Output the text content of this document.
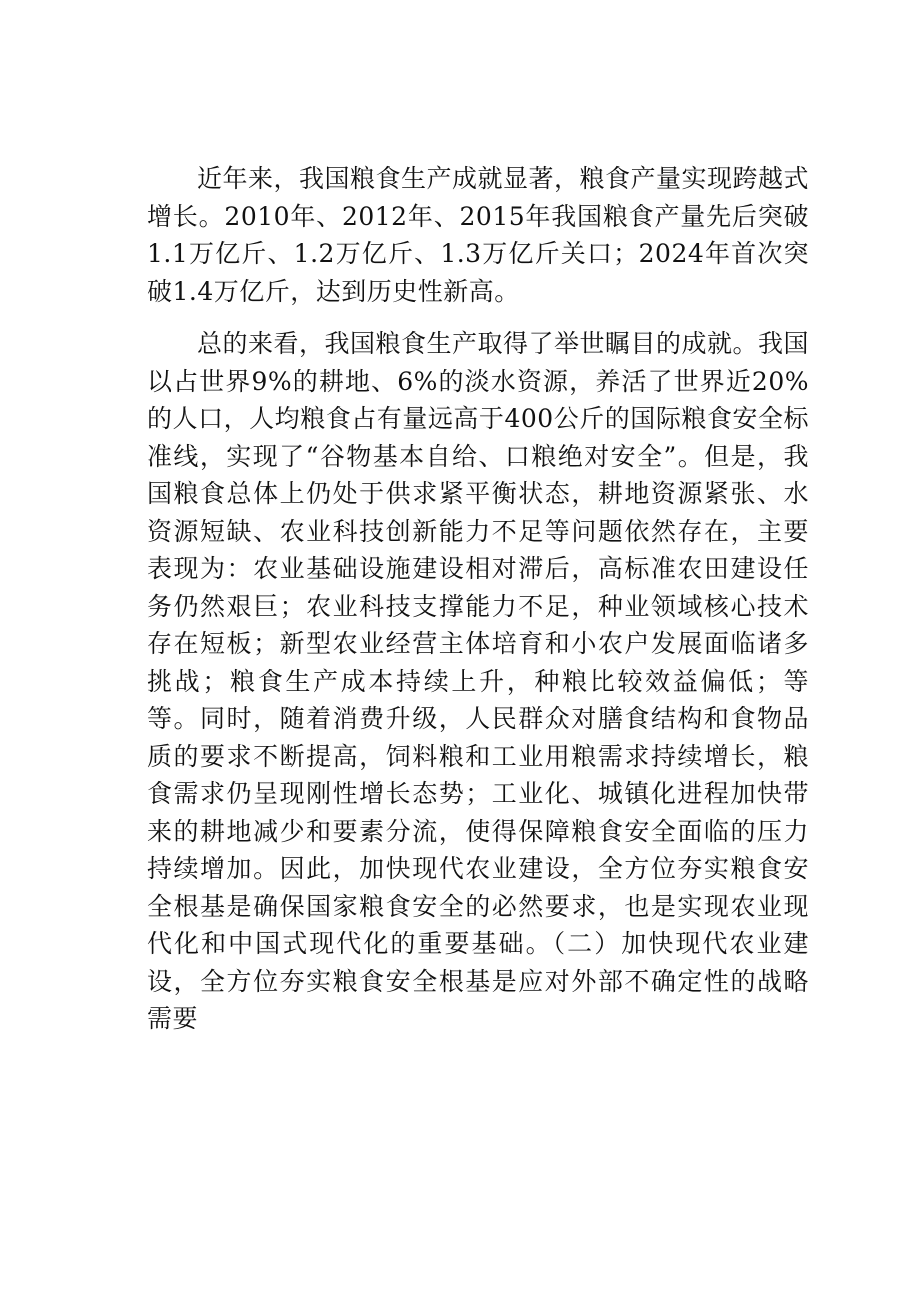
近年来，我国粮食生产成就显著，粮食产量实现跨越式增长。2010年、2012年、2015年我国粮食产量先后突破1.1万亿斤、1.2万亿斤、1.3万亿斤关口；2024年首次突破1.4万亿斤，达到历史性新高。

总的来看，我国粮食生产取得了举世瞩目的成就。我国以占世界9%的耕地、6%的淡水资源，养活了世界近20%的人口，人均粮食占有量远高于400公斤的国际粮食安全标准线，实现了“谷物基本自给、口粮绝对安全”。但是，我国粮食总体上仍处于供求紧平衡状态，耕地资源紧张、水资源短缺、农业科技创新能力不足等问题依然存在，主要表现为：农业基础设施建设相对滞后，高标准农田建设任务仍然艰巨；农业科技支撑能力不足，种业领域核心技术存在短板；新型农业经营主体培育和小农户发展面临诸多挑战；粮食生产成本持续上升，种粮比较效益偏低；等等。同时，随着消费升级，人民群众对膳食结构和食物品质的要求不断提高，饲料粮和工业用粮需求持续增长，粮食需求仍呈现刚性增长态势；工业化、城镇化进程加快带来的耕地减少和要素分流，使得保障粮食安全面临的压力持续增加。因此，加快现代农业建设，全方位夯实粮食安全根基是确保国家粮食安全的必然要求，也是实现农业现代化和中国式现代化的重要基础。（二）加快现代农业建设，全方位夯实粮食安全根基是应对外部不确定性的战略需要
